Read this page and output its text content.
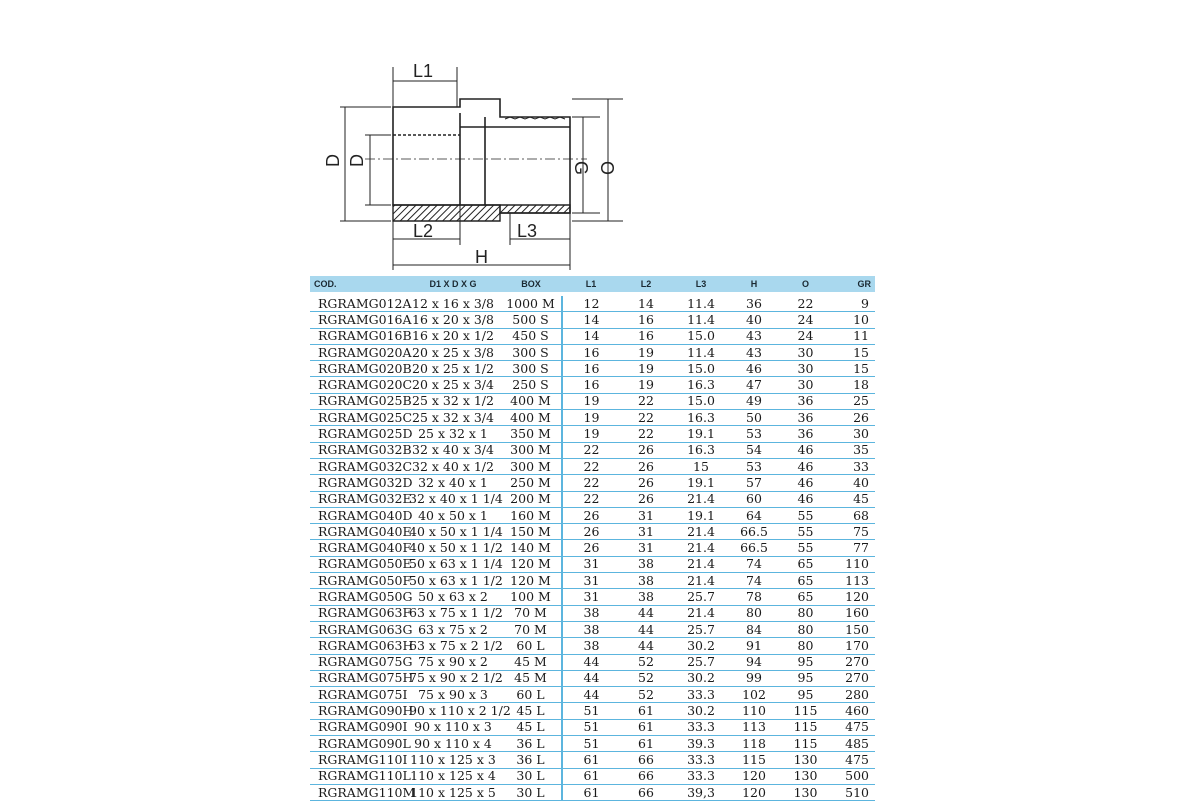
L1
L2	L3
H
D D
G O
COD.	D1 X D X G	BOX	L1	L2	L3	H	O	GR
RGRAMG012A	12 x 16 x 3/8	1000 M	12	14	11.4	36	22	9
RGRAMG016A	16 x 20 x 3/8	500 S	14	16	11.4	40	24	10
RGRAMG016B	16 x 20 x 1/2	450 S	14	16	15.0	43	24	11
RGRAMG020A	20 x 25 x 3/8	300 S	16	19	11.4	43	30	15
RGRAMG020B	20 x 25 x 1/2	300 S	16	19	15.0	46	30	15
RGRAMG020C	20 x 25 x 3/4	250 S	16	19	16.3	47	30	18
RGRAMG025B	25 x 32 x 1/2	400 M	19	22	15.0	49	36	25
RGRAMG025C	25 x 32 x 3/4	400 M	19	22	16.3	50	36	26
RGRAMG025D	25 x 32 x 1	350 M	19	22	19.1	53	36	30
RGRAMG032B	32 x 40 x 3/4	300 M	22	26	16.3	54	46	35
RGRAMG032C	32 x 40 x 1/2	300 M	22	26	15	53	46	33
RGRAMG032D	32 x 40 x 1	250 M	22	26	19.1	57	46	40
RGRAMG032E	32 x 40 x 1 1/4	200 M	22	26	21.4	60	46	45
RGRAMG040D	40 x 50 x 1	160 M	26	31	19.1	64	55	68
RGRAMG040E	40 x 50 x 1 1/4	150 M	26	31	21.4	66.5	55	75
RGRAMG040F	40 x 50 x 1 1/2	140 M	26	31	21.4	66.5	55	77
RGRAMG050E	50 x 63 x 1 1/4	120 M	31	38	21.4	74	65	110
RGRAMG050F	50 x 63 x 1 1/2	120 M	31	38	21.4	74	65	113
RGRAMG050G	50 x 63 x 2	100 M	31	38	25.7	78	65	120
RGRAMG063F	63 x 75 x 1 1/2	70 M	38	44	21.4	80	80	160
RGRAMG063G	63 x 75 x 2	70 M	38	44	25.7	84	80	150
RGRAMG063H	63 x 75 x 2 1/2	60 L	38	44	30.2	91	80	170
RGRAMG075G	75 x 90 x 2	45 M	44	52	25.7	94	95	270
RGRAMG075H	75 x 90 x 2 1/2	45 M	44	52	30.2	99	95	270
RGRAMG075I	75 x 90 x 3	60 L	44	52	33.3	102	95	280
RGRAMG090H	90 x 110 x 2 1/2	45 L	51	61	30.2	110	115	460
RGRAMG090I	90 x 110 x 3	45 L	51	61	33.3	113	115	475
RGRAMG090L	90 x 110 x 4	36 L	51	61	39.3	118	115	485
RGRAMG110I	110 x 125 x 3	36 L	61	66	33.3	115	130	475
RGRAMG110L	110 x 125 x 4	30 L	61	66	33.3	120	130	500
RGRAMG110M	110 x 125 x 5	30 L	61	66	39,3	120	130	510
